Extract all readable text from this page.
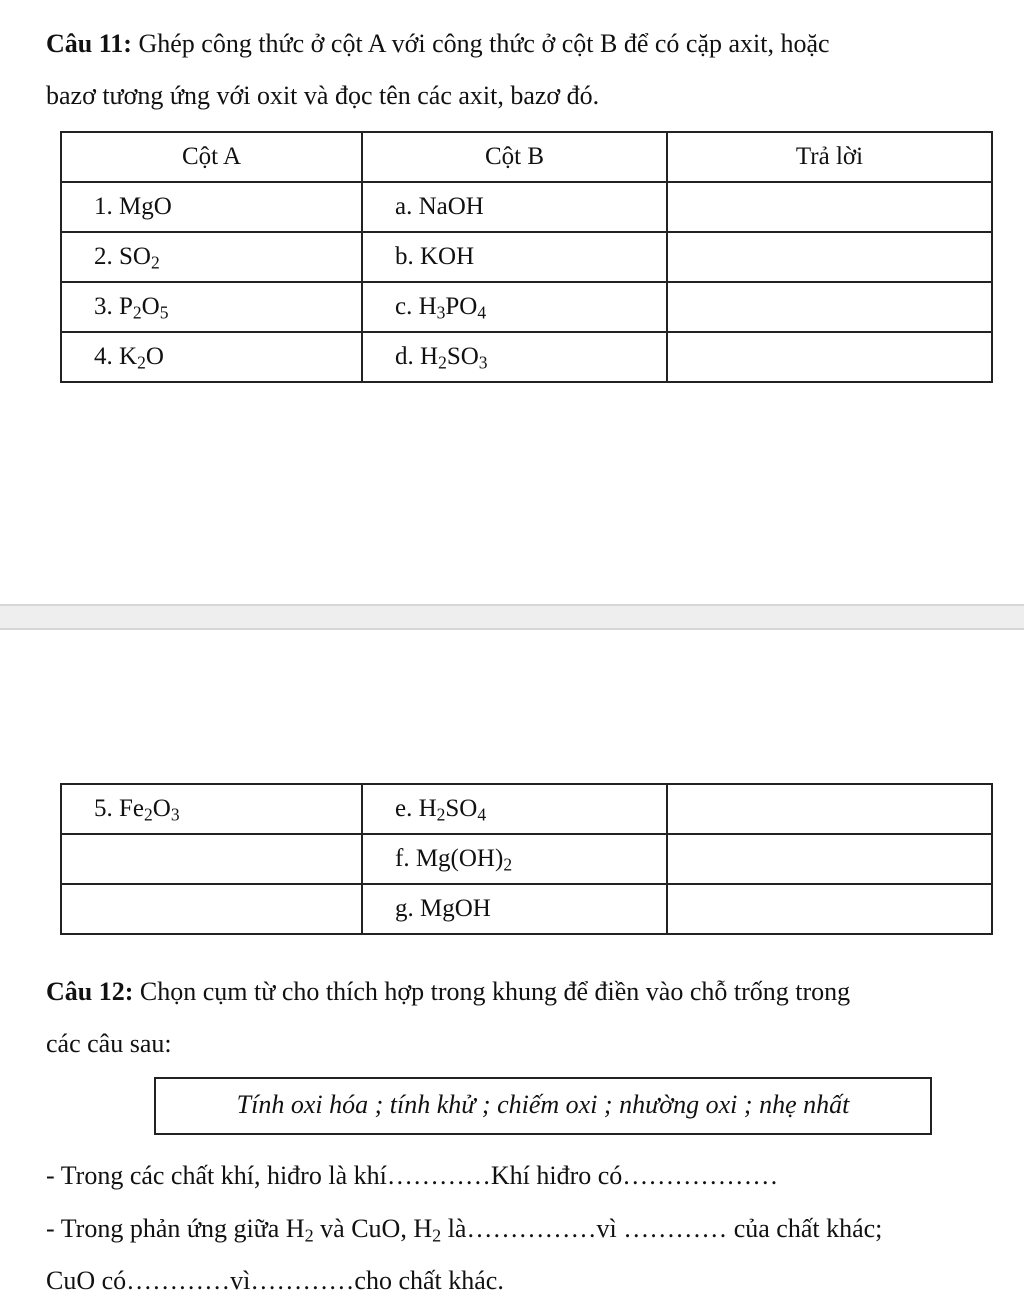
Câu 11: Ghép công thức ở cột A với công thức ở cột B để có cặp axit, hoặc

bazơ tương ứng với oxit và đọc tên các axit, bazơ đó.

Cột A	Cột B	Trả lời
1. MgO	a. NaOH	
2. $SO_2$	b. KOH	
3. $P_2O_5$	c. $H_3PO_4$	
4. $K_2O$	d. $H_2SO_3$	
5. $Fe_2O_3$	e. $H_2SO_4$	
	f. $Mg(OH)_2$	
	g. MgOH	

Câu 12: Chọn cụm từ cho thích hợp trong khung để điền vào chỗ trống trong

các câu sau:

Tính oxi hóa ; tính khử ; chiếm oxi ; nhường oxi ; nhẹ nhất
- Trong các chất khí, hiđro là khí…………Khí hiđro có………………
- Trong phản ứng giữa $H_2$ và CuO, $H_2$ là……………vì ………… của chất khác;
CuO có…………vì…………cho chất khác.
